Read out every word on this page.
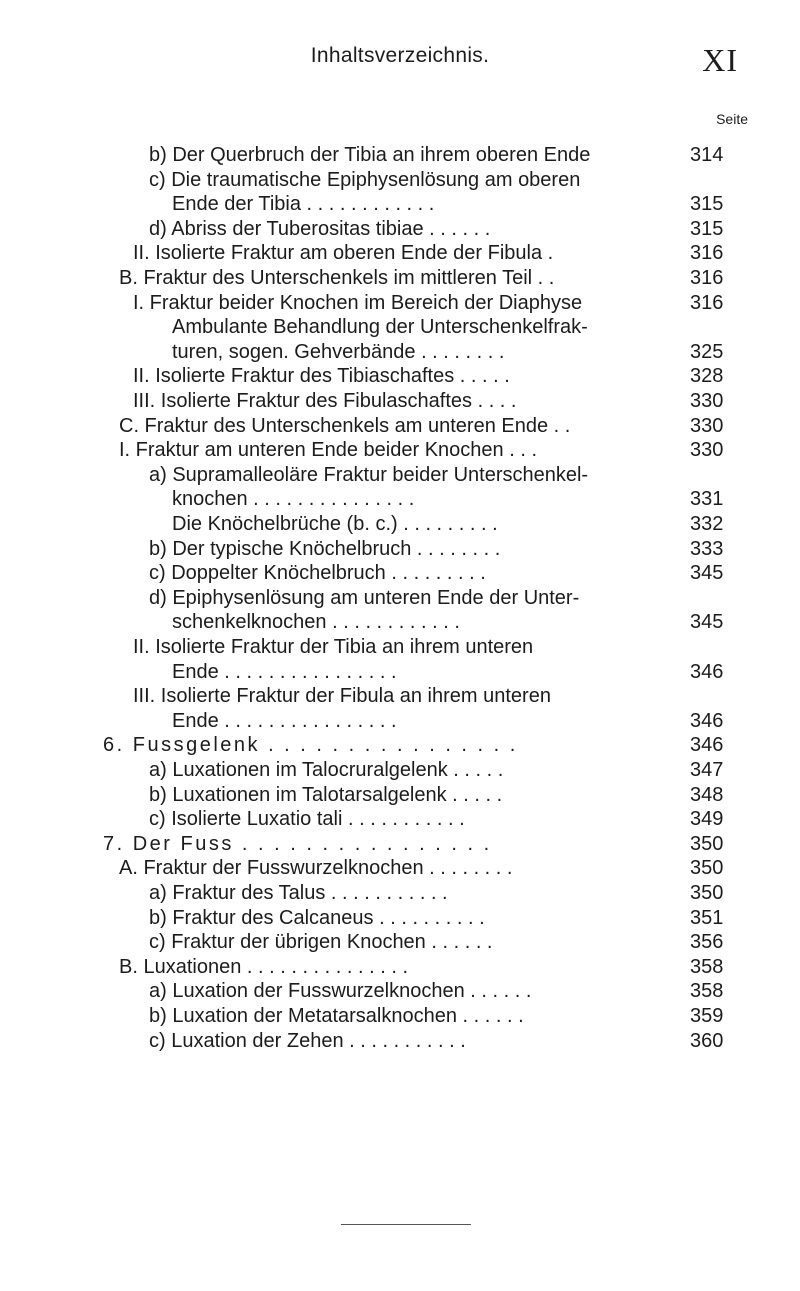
Inhaltsverzeichnis.	XI
Seite
b) Der Querbruch der Tibia an ihrem oberen Ende	314
c) Die traumatische Epiphysenlösung am oberen
Ende der Tibia . . . . . . . . . . . .	315
d) Abriss der Tuberositas tibiae . . . . . .	315
II. Isolierte Fraktur am oberen Ende der Fibula .	316
B. Fraktur des Unterschenkels im mittleren Teil . .	316
I. Fraktur beider Knochen im Bereich der Diaphyse	316
Ambulante Behandlung der Unterschenkelfrak-
turen, sogen. Gehverbände . . . . . . . .	325
II. Isolierte Fraktur des Tibiaschaftes . . . . .	328
III. Isolierte Fraktur des Fibulaschaftes . . . .	330
C. Fraktur des Unterschenkels am unteren Ende . .	330
I. Fraktur am unteren Ende beider Knochen . . .	330
a) Supramalleoläre Fraktur beider Unterschenkel-
knochen . . . . . . . . . . . . . . .	331
Die Knöchelbrüche (b. c.) . . . . . . . . .	332
b) Der typische Knöchelbruch . . . . . . . .	333
c) Doppelter Knöchelbruch . . . . . . . . .	345
d) Epiphysenlösung am unteren Ende der Unter-
schenkelknochen . . . . . . . . . . . .	345
II. Isolierte Fraktur der Tibia an ihrem unteren
Ende . . . . . . . . . . . . . . . .	346
III. Isolierte Fraktur der Fibula an ihrem unteren
Ende . . . . . . . . . . . . . . . .	346
6. Fussgelenk . . . . . . . . . . . . . . . .	346
a) Luxationen im Talocruralgelenk . . . . .	347
b) Luxationen im Talotarsalgelenk . . . . .	348
c) Isolierte Luxatio tali . . . . . . . . . . .	349
7. Der Fuss . . . . . . . . . . . . . . . .	350
A. Fraktur der Fusswurzelknochen . . . . . . . .	350
a) Fraktur des Talus . . . . . . . . . . .	350
b) Fraktur des Calcaneus . . . . . . . . . .	351
c) Fraktur der übrigen Knochen . . . . . .	356
B. Luxationen . . . . . . . . . . . . . . .	358
a) Luxation der Fusswurzelknochen . . . . . .	358
b) Luxation der Metatarsalknochen . . . . . .	359
c) Luxation der Zehen . . . . . . . . . . .	360
